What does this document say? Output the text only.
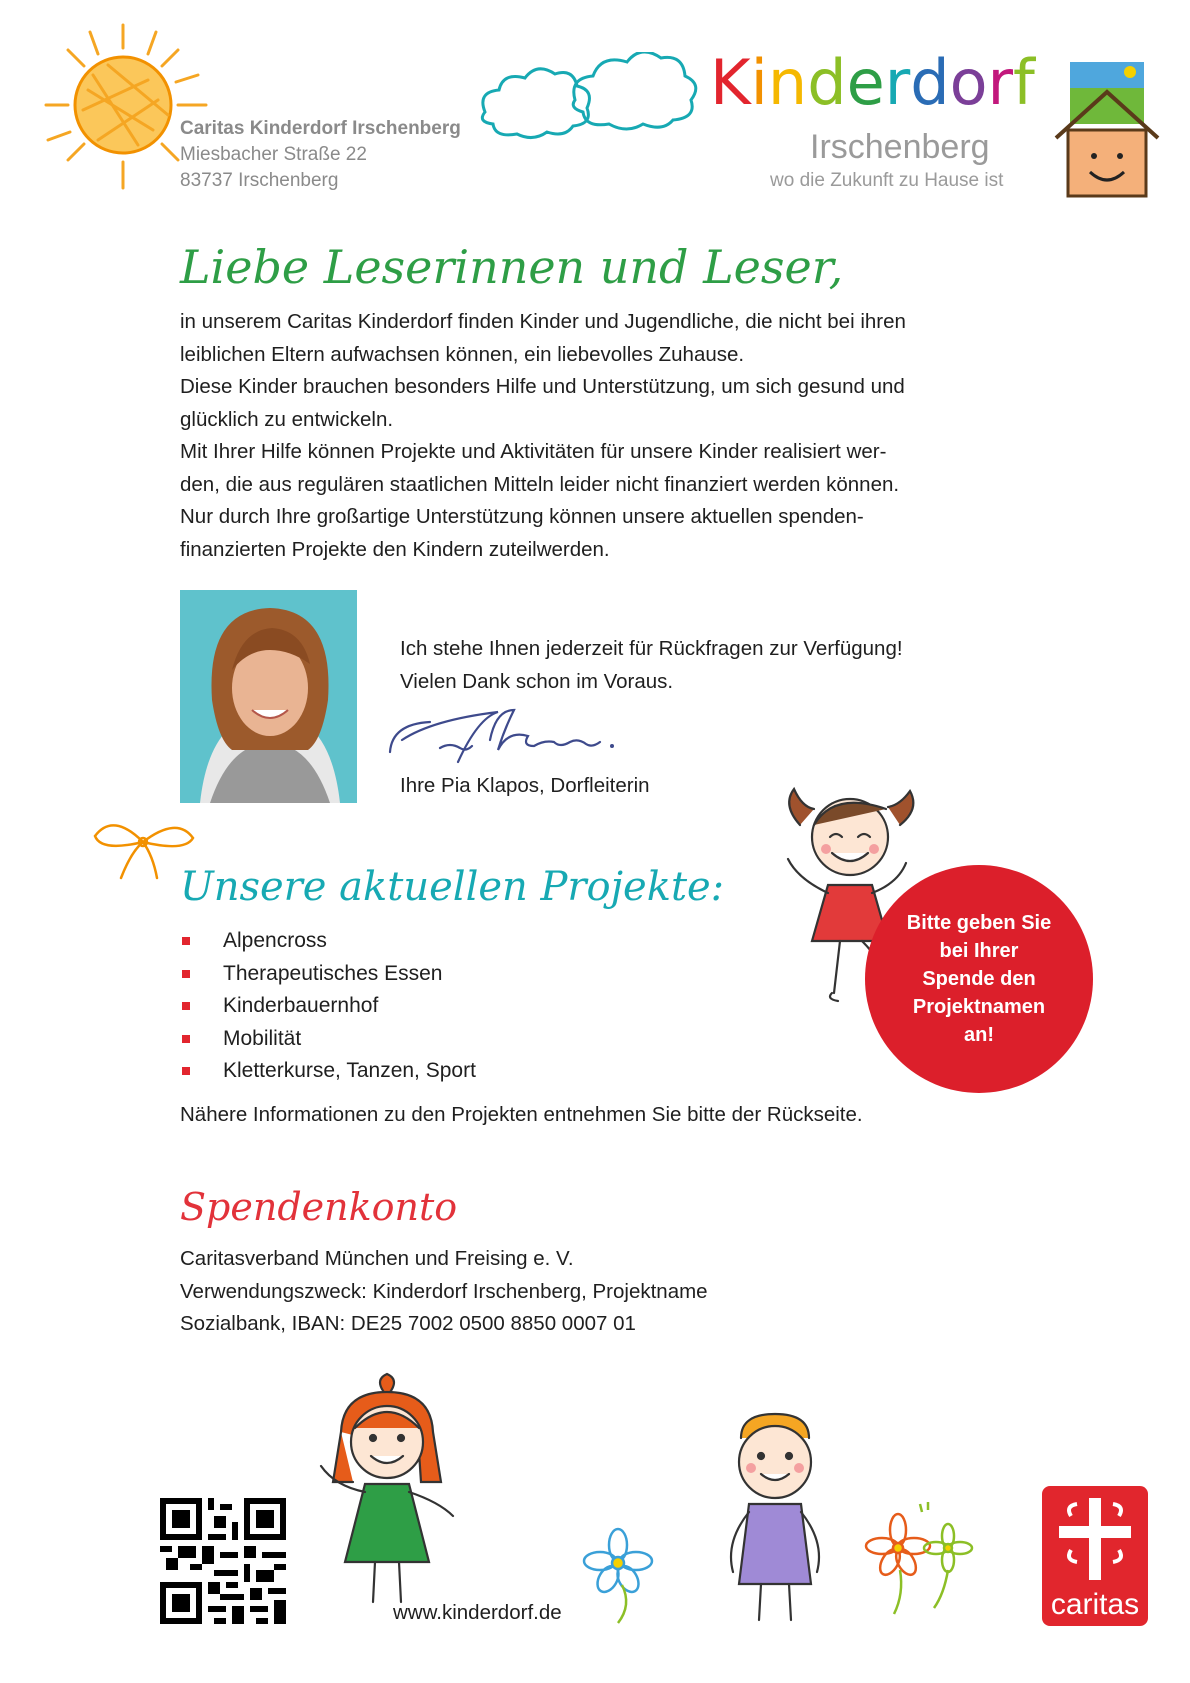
Caritas Kinderdorf Irschenberg
Miesbacher Straße 22
83737 Irschenberg
Kinderdorf
Irschenberg
wo die Zukunft zu Hause ist
Liebe Leserinnen und Leser,
in unserem Caritas Kinderdorf finden Kinder und Jugendliche, die nicht bei ihren
leiblichen Eltern aufwachsen können, ein liebevolles Zuhause.
Diese Kinder brauchen besonders Hilfe und Unterstützung, um sich gesund und
glücklich zu entwickeln.
Mit Ihrer Hilfe können Projekte und Aktivitäten für unsere Kinder realisiert wer-
den, die aus regulären staatlichen Mitteln leider nicht finanziert werden können.
Nur durch Ihre großartige Unterstützung können unsere aktuellen spenden-
finanzierten Projekte den Kindern zuteilwerden.
Ich stehe Ihnen jederzeit für Rückfragen zur Verfügung!
Vielen Dank schon im Voraus.
Ihre Pia Klapos, Dorfleiterin
Unsere aktuellen Projekte:
Alpencross
Therapeutisches Essen
Kinderbauernhof
Mobilität
Kletterkurse, Tanzen, Sport
Nähere Informationen zu den Projekten entnehmen Sie bitte der Rückseite.
Bitte geben Sie bei Ihrer Spende den Projektnamen an!
Spendenkonto
Caritasverband München und Freising e. V.
Verwendungszweck: Kinderdorf Irschenberg, Projektname
Sozialbank, IBAN: DE25 7002 0500 8850 0007 01
www.kinderdorf.de	caritas
